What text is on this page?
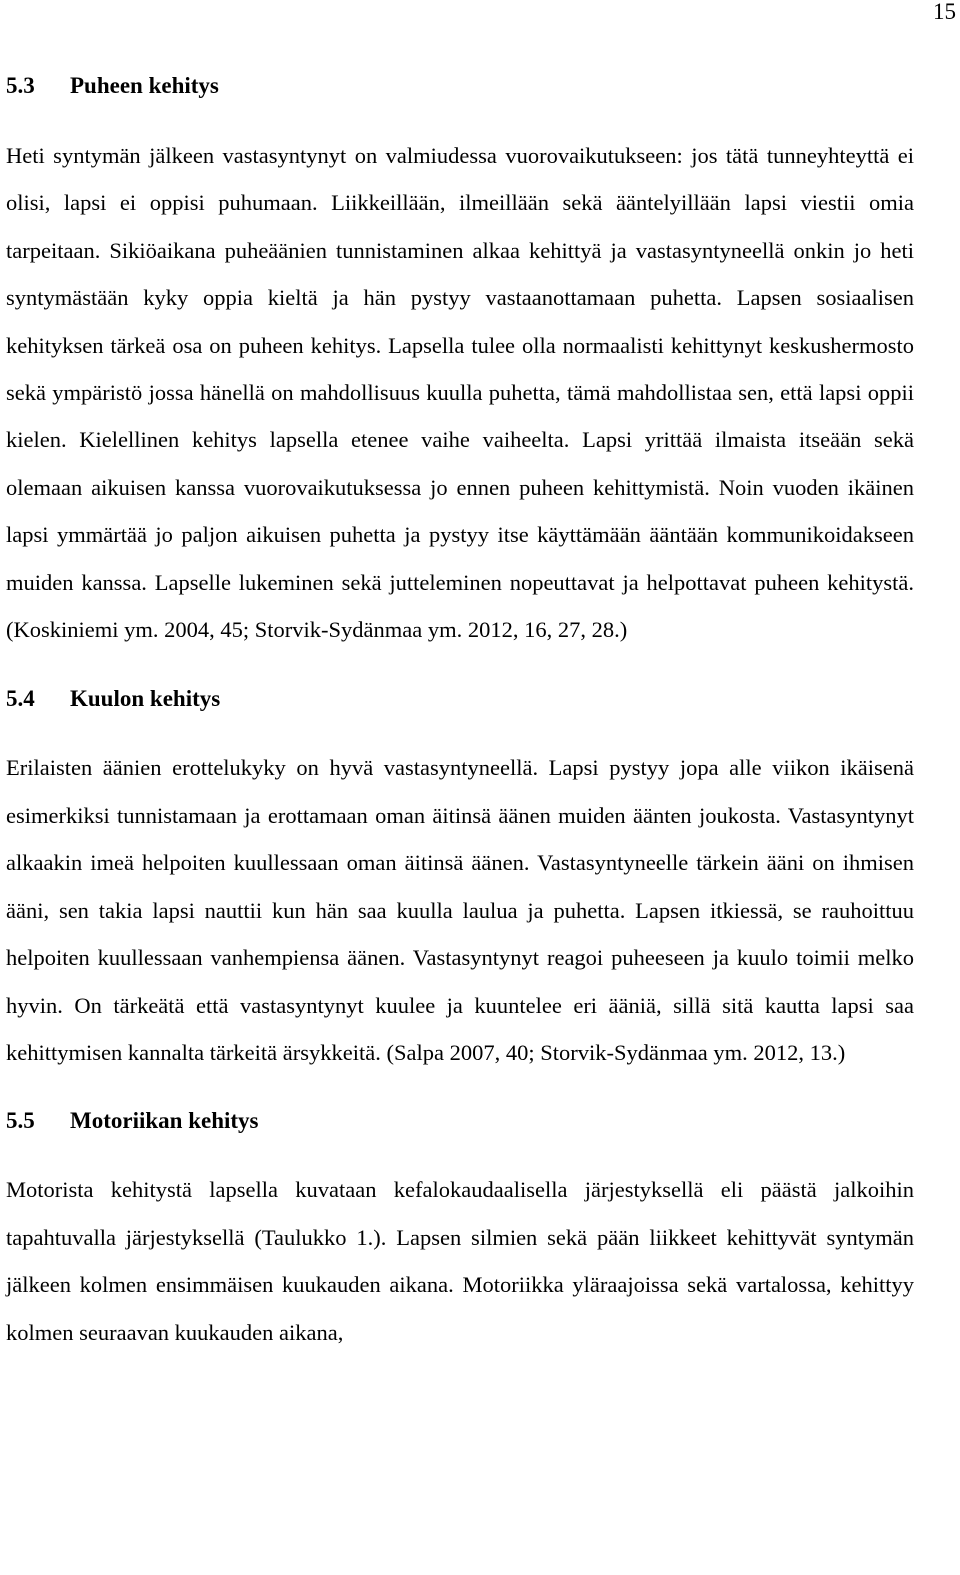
15
5.3	Puheen kehitys

Heti syntymän jälkeen vastasyntynyt on valmiudessa vuorovaikutukseen: jos tätä tunneyhteyttä ei olisi, lapsi ei oppisi puhumaan. Liikkeillään, ilmeillään sekä ääntelyillään lapsi viestii omia tarpeitaan. Sikiöaikana puheäänien tunnistaminen alkaa kehittyä ja vastasyntyneellä onkin jo heti syntymästään kyky oppia kieltä ja hän pystyy vastaanottamaan puhetta. Lapsen sosiaalisen kehityksen tärkeä osa on puheen kehitys. Lapsella tulee olla normaalisti kehittynyt keskushermosto sekä ympäristö jossa hänellä on mahdollisuus kuulla puhetta, tämä mahdollistaa sen, että lapsi oppii kielen. Kielellinen kehitys lapsella etenee vaihe vaiheelta. Lapsi yrittää ilmaista itseään sekä olemaan aikuisen kanssa vuorovaikutuksessa jo ennen puheen kehittymistä. Noin vuoden ikäinen lapsi ymmärtää jo paljon aikuisen puhetta ja pystyy itse käyttämään ääntään kommunikoidakseen muiden kanssa. Lapselle lukeminen sekä jutteleminen nopeuttavat ja helpottavat puheen kehitystä. (Koskiniemi ym. 2004, 45; Storvik-Sydänmaa ym. 2012, 16, 27, 28.)

5.4	Kuulon kehitys

Erilaisten äänien erottelukyky on hyvä vastasyntyneellä. Lapsi pystyy jopa alle viikon ikäisenä esimerkiksi tunnistamaan ja erottamaan oman äitinsä äänen muiden äänten joukosta. Vastasyntynyt alkaakin imeä helpoiten kuullessaan oman äitinsä äänen. Vastasyntyneelle tärkein ääni on ihmisen ääni, sen takia lapsi nauttii kun hän saa kuulla laulua ja puhetta. Lapsen itkiessä, se rauhoittuu helpoiten kuullessaan vanhempiensa äänen. Vastasyntynyt reagoi puheeseen ja kuulo toimii melko hyvin. On tärkeätä että vastasyntynyt kuulee ja kuuntelee eri ääniä, sillä sitä kautta lapsi saa kehittymisen kannalta tärkeitä ärsykkeitä. (Salpa 2007, 40; Storvik-Sydänmaa ym. 2012, 13.)

5.5	Motoriikan kehitys

Motorista kehitystä lapsella kuvataan kefalokaudaalisella järjestyksellä eli päästä jalkoihin tapahtuvalla järjestyksellä (Taulukko 1.). Lapsen silmien sekä pään liikkeet kehittyvät syntymän jälkeen kolmen ensimmäisen kuukauden aikana. Motoriikka yläraajoissa sekä vartalossa, kehittyy kolmen seuraavan kuukauden aikana,
